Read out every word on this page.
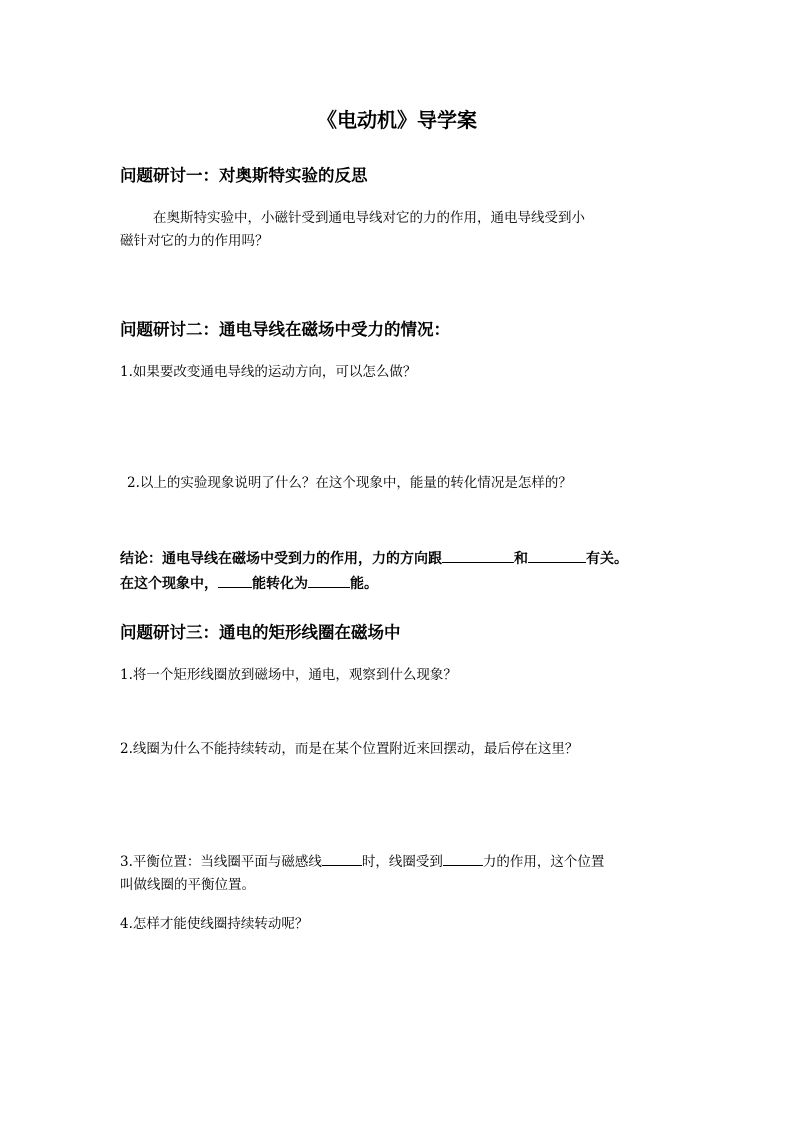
《电动机》导学案
问题研讨一：对奥斯特实验的反思
在奥斯特实验中，小磁针受到通电导线对它的力的作用，通电导线受到小
磁针对它的力的作用吗？
问题研讨二：通电导线在磁场中受力的情况：
1.如果要改变通电导线的运动方向，可以怎么做？
2.以上的实验现象说明了什么？在这个现象中，能量的转化情况是怎样的？
结论：通电导线在磁场中受到力的作用，力的方向跟	和	有关。
在这个现象中， 能转化为	能。
问题研讨三：通电的矩形线圈在磁场中
1.将一个矩形线圈放到磁场中，通电，观察到什么现象？
2.线圈为什么不能持续转动，而是在某个位置附近来回摆动，最后停在这里？
3.平衡位置：当线圈平面与磁感线	时，线圈受到	力的作用，这个位置
叫做线圈的平衡位置。
4.怎样才能使线圈持续转动呢？
